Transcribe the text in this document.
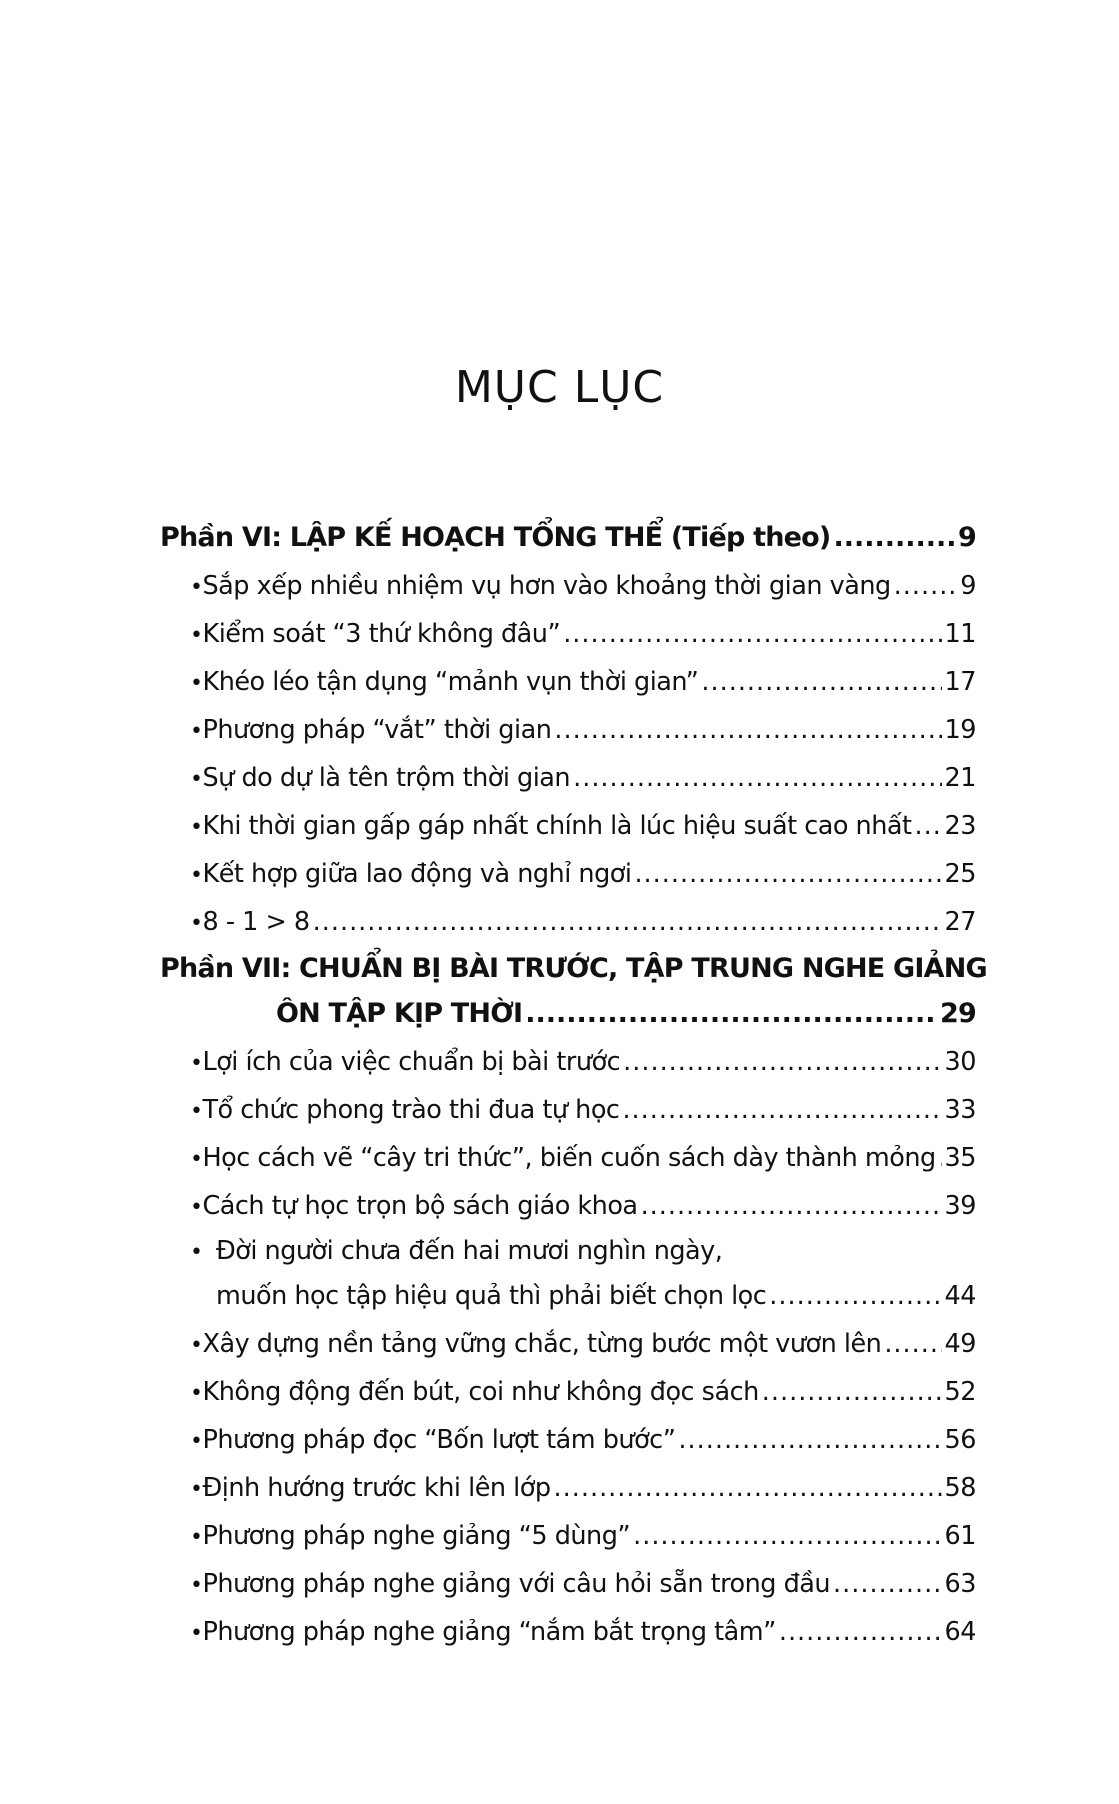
MỤC LỤC
Phần VI: LẬP KẾ HOẠCH TỔNG THỂ (Tiếp theo) .....	9
• Sắp xếp nhiều nhiệm vụ hơn vào khoảng thời gian vàng .....	9
• Kiểm soát “3 thứ không đâu” .....	11
• Khéo léo tận dụng “mảnh vụn thời gian” .....	17
• Phương pháp “vắt” thời gian .....	19
• Sự do dự là tên trộm thời gian .....	21
• Khi thời gian gấp gáp nhất chính là lúc hiệu suất cao nhất ..... 23
• Kết hợp giữa lao động và nghỉ ngơi .....	25
• 8 - 1 > 8 .....	27
Phần VII: CHUẨN BỊ BÀI TRƯỚC, TẬP TRUNG NGHE GIẢNG
ÔN TẬP KỊP THỜI .....	29
• Lợi ích của việc chuẩn bị bài trước .....	30
• Tổ chức phong trào thi đua tự học .....	33
• Học cách vẽ “cây tri thức”, biến cuốn sách dày thành mỏng ..... 35
• Cách tự học trọn bộ sách giáo khoa .....	39
• Đời người chưa đến hai mươi nghìn ngày,
muốn học tập hiệu quả thì phải biết chọn lọc .....	44
• Xây dựng nền tảng vững chắc, từng bước một vươn lên ..... 49
• Không động đến bút, coi như không đọc sách .....	52
• Phương pháp đọc “Bốn lượt tám bước” .....	56
• Định hướng trước khi lên lớp .....	58
• Phương pháp nghe giảng “5 dùng” .....	61
• Phương pháp nghe giảng với câu hỏi sẵn trong đầu .....	63
• Phương pháp nghe giảng “nắm bắt trọng tâm” .....	64
